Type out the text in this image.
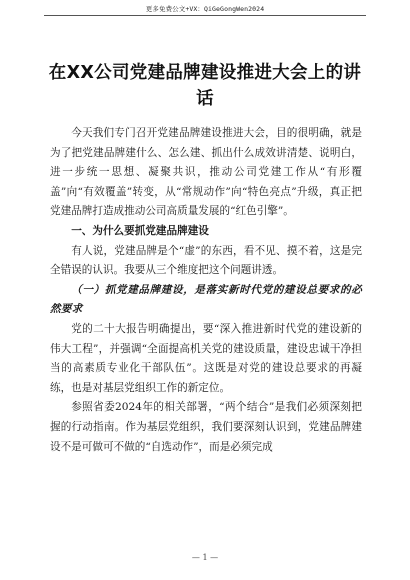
更多免费公文+VX：QiGeGongWen2024
在XX公司党建品牌建设推进大会上的讲话

今天我们专门召开党建品牌建设推进大会，目的很明确，就是为了把党建品牌建什么、怎么建、抓出什么成效讲清楚、说明白，进一步统一思想、凝聚共识，推动公司党建工作从“有形覆盖”向“有效覆盖”转变，从“常规动作”向“特色亮点”升级，真正把党建品牌打造成推动公司高质量发展的“红色引擎”。

一、为什么要抓党建品牌建设

有人说，党建品牌是个“虚”的东西，看不见、摸不着，这是完全错误的认识。我要从三个维度把这个问题讲透。

（一）抓党建品牌建设，是落实新时代党的建设总要求的必然要求

党的二十大报告明确提出，要“深入推进新时代党的建设新的伟大工程”，并强调“全面提高机关党的建设质量，建设忠诚干净担当的高素质专业化干部队伍”。这既是对党的建设总要求的再凝练，也是对基层党组织工作的新定位。

参照省委2024年的相关部署，“两个结合”是我们必须深刻把握的行动指南。作为基层党组织，我们要深刻认识到，党建品牌建设不是可做可不做的“自选动作”，而是必须完成

— 1 —
